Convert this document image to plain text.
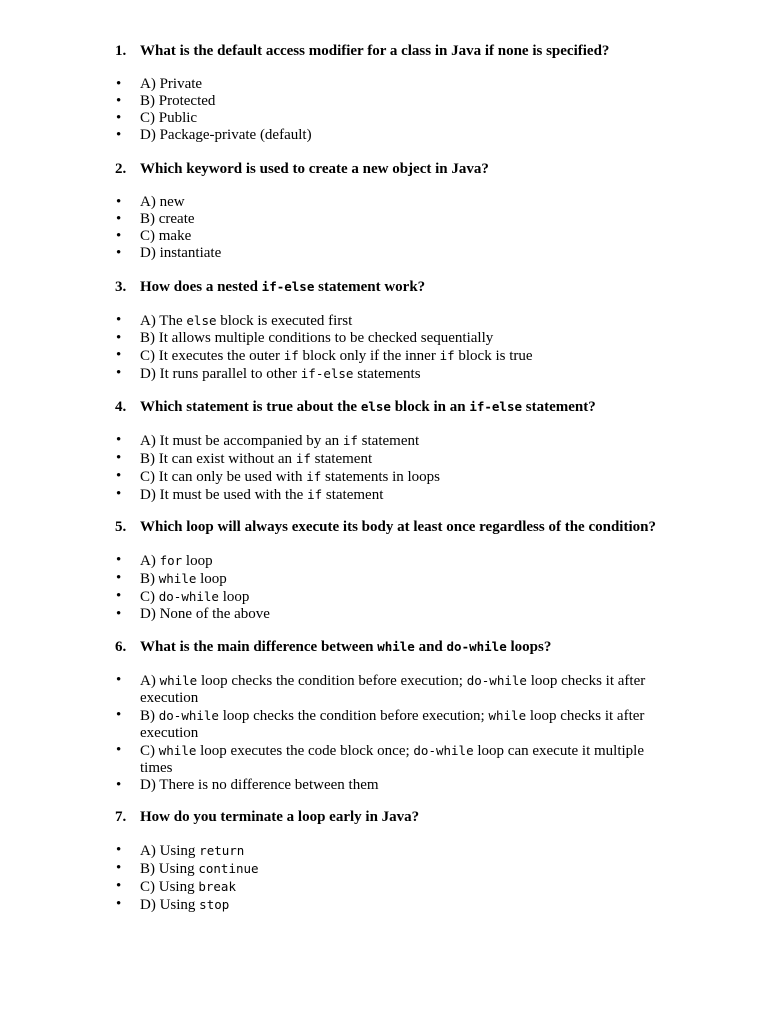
1. What is the default access modifier for a class in Java if none is specified?

• A) Private
• B) Protected
• C) Public
• D) Package-private (default)

2. Which keyword is used to create a new object in Java?

• A) new
• B) create
• C) make
• D) instantiate

3. How does a nested if-else statement work?

• A) The else block is executed first
• B) It allows multiple conditions to be checked sequentially
• C) It executes the outer if block only if the inner if block is true
• D) It runs parallel to other if-else statements

4. Which statement is true about the else block in an if-else statement?

• A) It must be accompanied by an if statement
• B) It can exist without an if statement
• C) It can only be used with if statements in loops
• D) It must be used with the if statement

5. Which loop will always execute its body at least once regardless of the condition?

• A) for loop
• B) while loop
• C) do-while loop
• D) None of the above

6. What is the main difference between while and do-while loops?

• A) while loop checks the condition before execution; do-while loop checks it after execution
• B) do-while loop checks the condition before execution; while loop checks it after execution
• C) while loop executes the code block once; do-while loop can execute it multiple times
• D) There is no difference between them

7. How do you terminate a loop early in Java?

• A) Using return
• B) Using continue
• C) Using break
• D) Using stop
